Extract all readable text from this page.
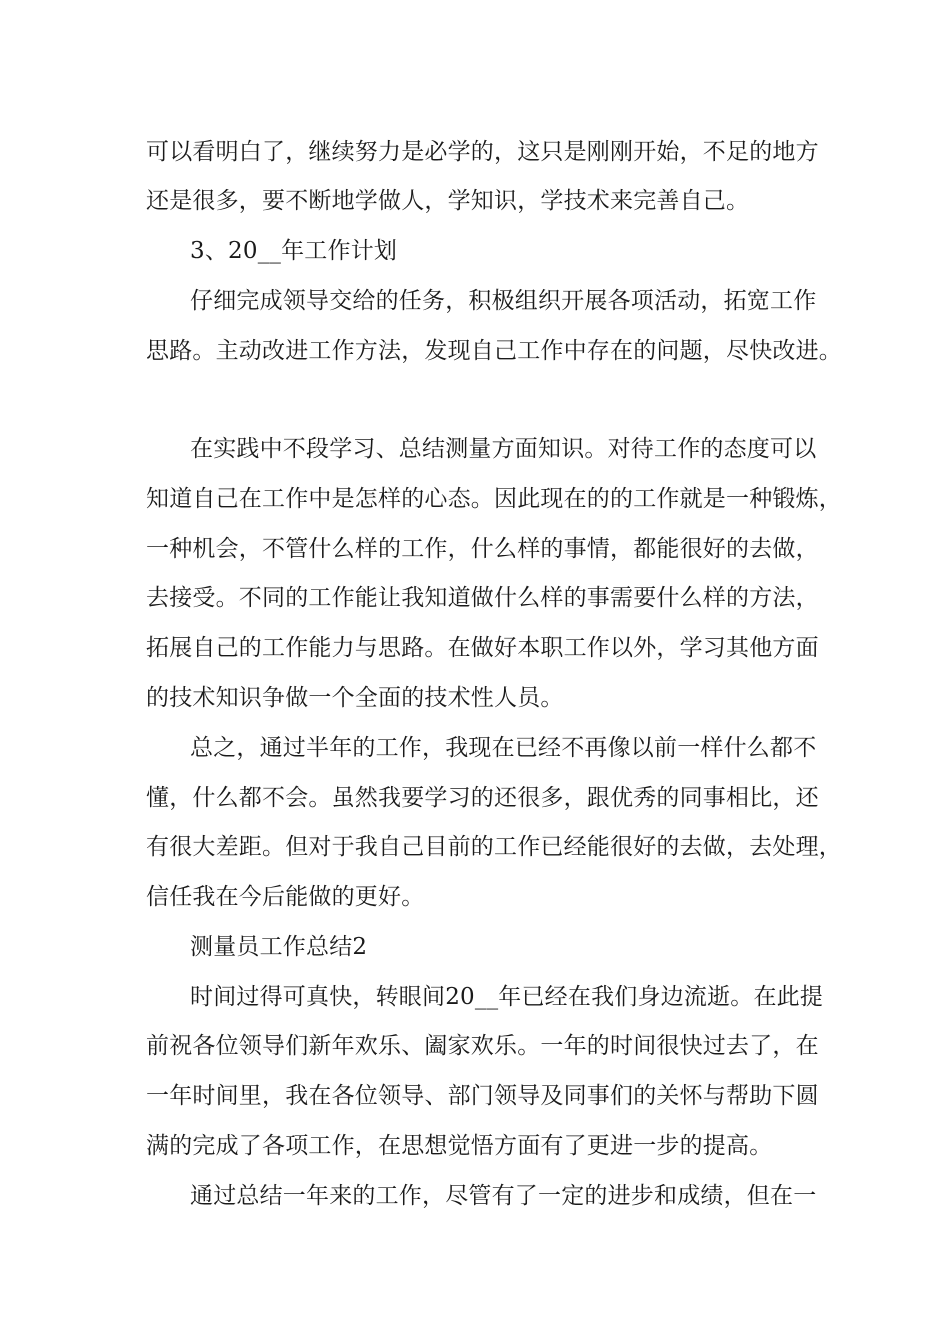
可以看明白了，继续努力是必学的，这只是刚刚开始，不足的地方
还是很多，要不断地学做人，学知识，学技术来完善自己。
3、20__年工作计划
仔细完成领导交给的任务，积极组织开展各项活动，拓宽工作
思路。主动改进工作方法，发现自己工作中存在的问题，尽快改进。
在实践中不段学习、总结测量方面知识。对待工作的态度可以
知道自己在工作中是怎样的心态。因此现在的的工作就是一种锻炼，
一种机会，不管什么样的工作，什么样的事情，都能很好的去做，
去接受。不同的工作能让我知道做什么样的事需要什么样的方法，
拓展自己的工作能力与思路。在做好本职工作以外，学习其他方面
的技术知识争做一个全面的技术性人员。
总之，通过半年的工作，我现在已经不再像以前一样什么都不
懂，什么都不会。虽然我要学习的还很多，跟优秀的同事相比，还
有很大差距。但对于我自己目前的工作已经能很好的去做，去处理，
信任我在今后能做的更好。
测量员工作总结2
时间过得可真快，转眼间20__年已经在我们身边流逝。在此提
前祝各位领导们新年欢乐、阖家欢乐。一年的时间很快过去了，在
一年时间里，我在各位领导、部门领导及同事们的关怀与帮助下圆
满的完成了各项工作，在思想觉悟方面有了更进一步的提高。
通过总结一年来的工作，尽管有了一定的进步和成绩，但在一
